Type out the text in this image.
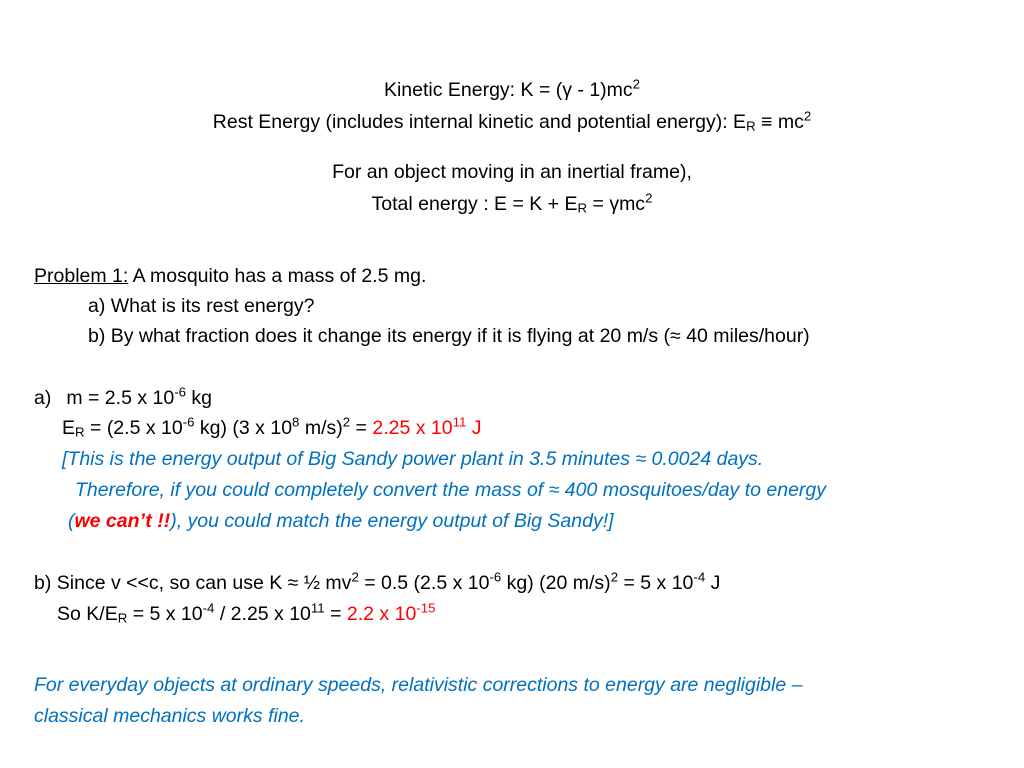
Kinetic Energy: $K = (\gamma - 1)mc^2$
Rest Energy (includes internal kinetic and potential energy): $E_R \equiv mc^2$
For an object moving in an inertial frame),
Total energy : $E = K + E_R = \gamma mc^2$
Problem 1: A mosquito has a mass of 2.5 mg.
a) What is its rest energy?
b) By what fraction does it change its energy if it is flying at 20 m/s (≈ 40 miles/hour)
a) m = 2.5 x $10^{-6}$ kg
$E_R = (2.5$ x $10^{-6}$ kg) (3 x $10^8$ m/s)$^2$ = 2.25 x $10^{11}$ J
[This is the energy output of Big Sandy power plant in 3.5 minutes ≈ 0.0024 days.
Therefore, if you could completely convert the mass of ≈ 400 mosquitoes/day to energy
(we can’t !!), you could match the energy output of Big Sandy!]
b) Since v <<c, so can use K ≈ ½ $mv^2 = 0.5$ (2.5 x $10^{-6}$ kg) (20 m/s)$^2$ = 5 x $10^{-4}$ J
So $K/E_R = 5$ x $10^{-4} / 2.25$ x $10^{11} = 2.2$ x $10^{-15}$
For everyday objects at ordinary speeds, relativistic corrections to energy are negligible –
classical mechanics works fine.
